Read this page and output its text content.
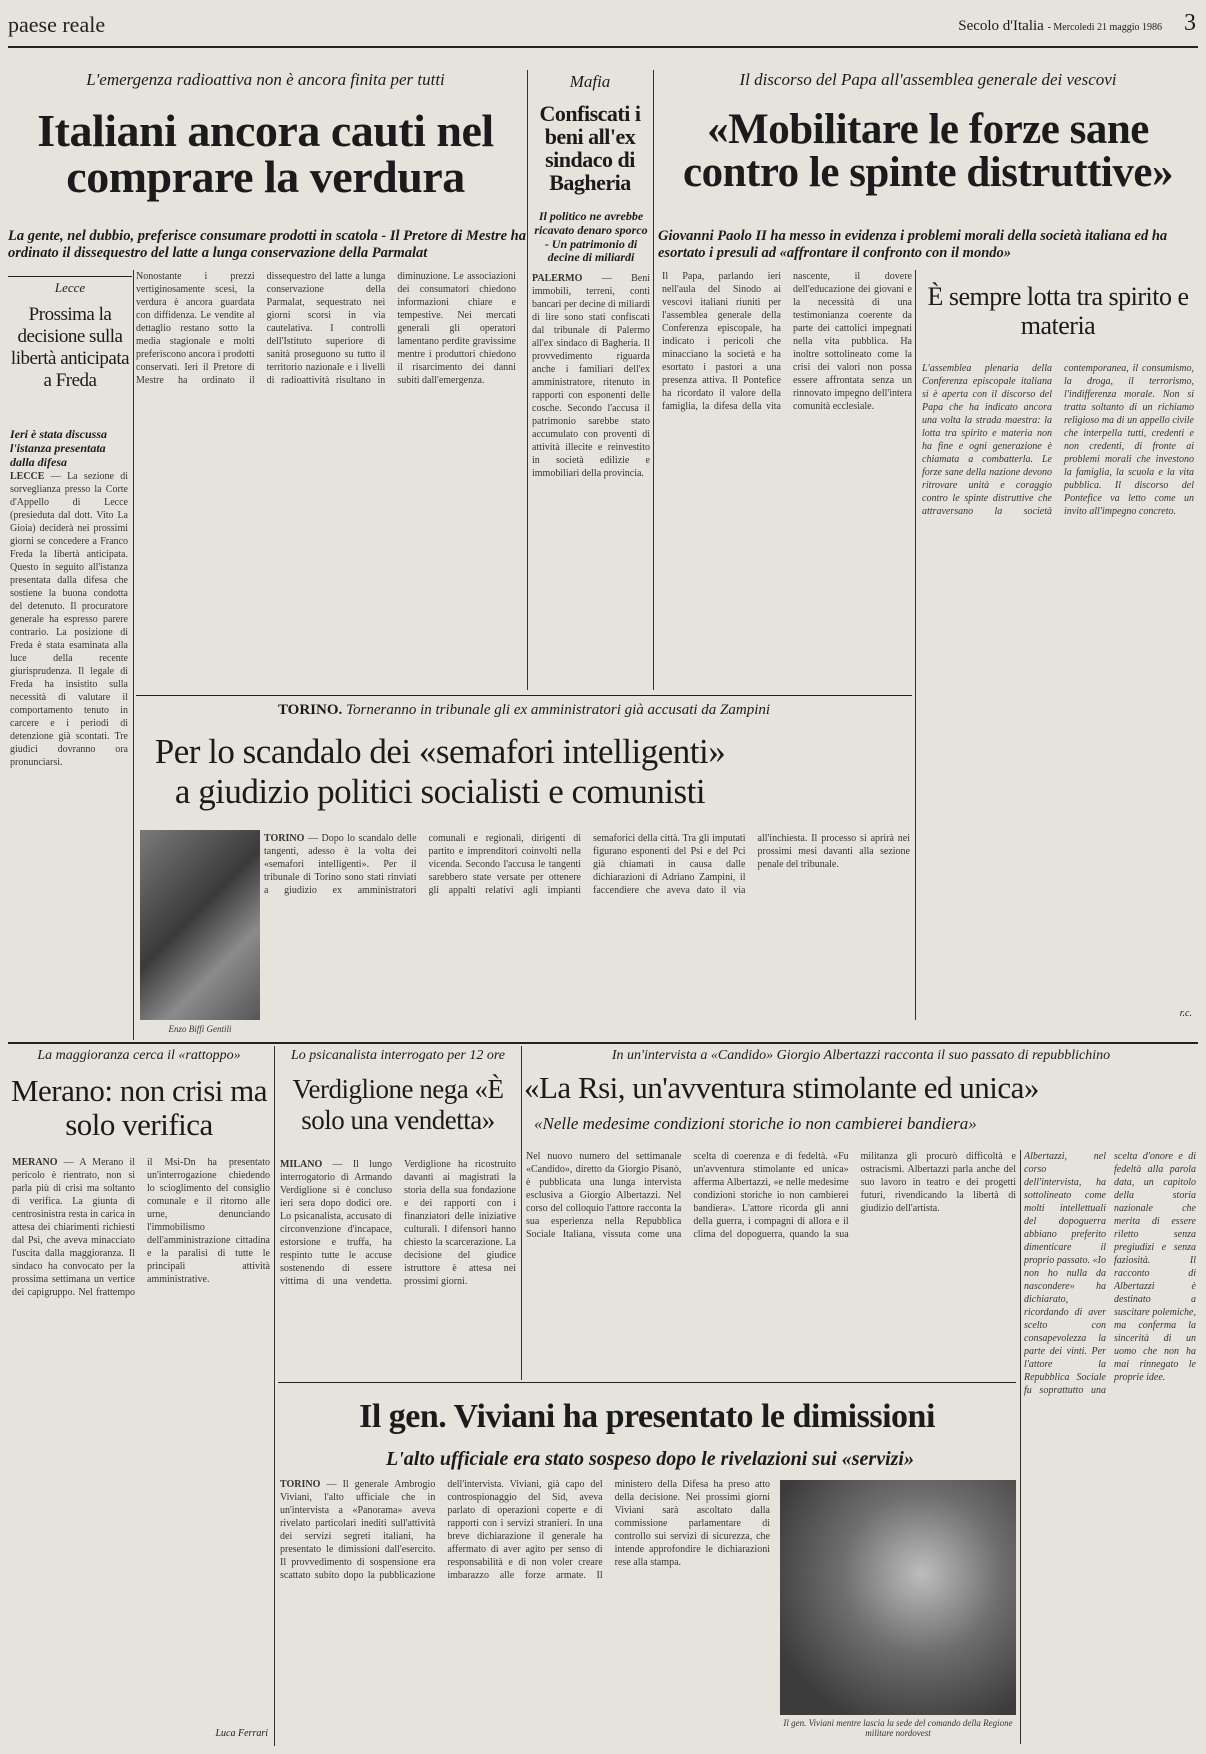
paese reale	Secolo d'Italia - Mercoledì 21 maggio 1986 3
L'emergenza radioattiva non è ancora finita per tutti
Italiani ancora cauti nel comprare la verdura
La gente, nel dubbio, preferisce consumare prodotti in scatola - Il Pretore di Mestre ha ordinato il dissequestro del latte a lunga conservazione della Parmalat
Nonostante i prezzi vertiginosamente scesi, la verdura è ancora guardata con diffidenza. Le vendite al dettaglio restano sotto la media stagionale e molti preferiscono ancora i prodotti conservati. Ieri il Pretore di Mestre ha ordinato il dissequestro del latte a lunga conservazione della Parmalat, sequestrato nei giorni scorsi in via cautelativa. I controlli dell'Istituto superiore di sanità proseguono su tutto il territorio nazionale e i livelli di radioattività risultano in diminuzione. Le associazioni dei consumatori chiedono informazioni chiare e tempestive. Nei mercati generali gli operatori lamentano perdite gravissime mentre i produttori chiedono il risarcimento dei danni subiti dall'emergenza.
Mafia
Confiscati i beni all'ex sindaco di Bagheria
Il politico ne avrebbe ricavato denaro sporco - Un patrimonio di decine di miliardi
PALERMO — Beni immobili, terreni, conti bancari per decine di miliardi di lire sono stati confiscati dal tribunale di Palermo all'ex sindaco di Bagheria. Il provvedimento riguarda anche i familiari dell'ex amministratore, ritenuto in rapporti con esponenti delle cosche. Secondo l'accusa il patrimonio sarebbe stato accumulato con proventi di attività illecite e reinvestito in società edilizie e immobiliari della provincia.
Il discorso del Papa all'assemblea generale dei vescovi
«Mobilitare le forze sane contro le spinte distruttive»
Giovanni Paolo II ha messo in evidenza i problemi morali della società italiana ed ha esortato i presuli ad «affrontare il confronto con il mondo»
Il Papa, parlando ieri nell'aula del Sinodo ai vescovi italiani riuniti per l'assemblea generale della Conferenza episcopale, ha indicato i pericoli che minacciano la società e ha esortato i pastori a una presenza attiva. Il Pontefice ha ricordato il valore della famiglia, la difesa della vita nascente, il dovere dell'educazione dei giovani e la necessità di una testimonianza coerente da parte dei cattolici impegnati nella vita pubblica. Ha inoltre sottolineato come la crisi dei valori non possa essere affrontata senza un rinnovato impegno dell'intera comunità ecclesiale.
È sempre lotta tra spirito e materia
L'assemblea plenaria della Conferenza episcopale italiana si è aperta con il discorso del Papa che ha indicato ancora una volta la strada maestra: la lotta tra spirito e materia non ha fine e ogni generazione è chiamata a combatterla. Le forze sane della nazione devono ritrovare unità e coraggio contro le spinte distruttive che attraversano la società contemporanea, il consumismo, la droga, il terrorismo, l'indifferenza morale. Non si tratta soltanto di un richiamo religioso ma di un appello civile che interpella tutti, credenti e non credenti, di fronte ai problemi morali che investono la famiglia, la scuola e la vita pubblica. Il discorso del Pontefice va letto come un invito all'impegno concreto.
r.c.
Lecce
Prossima la decisione sulla libertà anticipata a Freda
Ieri è stata discussa l'istanza presentata dalla difesa
LECCE — La sezione di sorveglianza presso la Corte d'Appello di Lecce (presieduta dal dott. Vito La Gioia) deciderà nei prossimi giorni se concedere a Franco Freda la libertà anticipata. Questo in seguito all'istanza presentata dalla difesa che sostiene la buona condotta del detenuto. Il procuratore generale ha espresso parere contrario. La posizione di Freda è stata esaminata alla luce della recente giurisprudenza. Il legale di Freda ha insistito sulla necessità di valutare il comportamento tenuto in carcere e i periodi di detenzione già scontati. Tre giudici dovranno ora pronunciarsi.
TORINO. Torneranno in tribunale gli ex amministratori già accusati da Zampini
Per lo scandalo dei «semafori intelligenti» a giudizio politici socialisti e comunisti
Enzo Biffi Gentili
TORINO — Dopo lo scandalo delle tangenti, adesso è la volta dei «semafori intelligenti». Per il tribunale di Torino sono stati rinviati a giudizio ex amministratori comunali e regionali, dirigenti di partito e imprenditori coinvolti nella vicenda. Secondo l'accusa le tangenti sarebbero state versate per ottenere gli appalti relativi agli impianti semaforici della città. Tra gli imputati figurano esponenti del Psi e del Pci già chiamati in causa dalle dichiarazioni di Adriano Zampini, il faccendiere che aveva dato il via all'inchiesta. Il processo si aprirà nei prossimi mesi davanti alla sezione penale del tribunale.
La maggioranza cerca il «rattoppo»
Merano: non crisi ma solo verifica
MERANO — A Merano il pericolo è rientrato, non si parla più di crisi ma soltanto di verifica. La giunta di centrosinistra resta in carica in attesa dei chiarimenti richiesti dal Psi, che aveva minacciato l'uscita dalla maggioranza. Il sindaco ha convocato per la prossima settimana un vertice dei capigruppo. Nel frattempo il Msi-Dn ha presentato un'interrogazione chiedendo lo scioglimento del consiglio comunale e il ritorno alle urne, denunciando l'immobilismo dell'amministrazione cittadina e la paralisi di tutte le principali attività amministrative.
Luca Ferrari
Lo psicanalista interrogato per 12 ore
Verdiglione nega «È solo una vendetta»
MILANO — Il lungo interrogatorio di Armando Verdiglione si è concluso ieri sera dopo dodici ore. Lo psicanalista, accusato di circonvenzione d'incapace, estorsione e truffa, ha respinto tutte le accuse sostenendo di essere vittima di una vendetta. Verdiglione ha ricostruito davanti ai magistrati la storia della sua fondazione e dei rapporti con i finanziatori delle iniziative culturali. I difensori hanno chiesto la scarcerazione. La decisione del giudice istruttore è attesa nei prossimi giorni.
In un'intervista a «Candido» Giorgio Albertazzi racconta il suo passato di repubblichino
«La Rsi, un'avventura stimolante ed unica»
«Nelle medesime condizioni storiche io non cambierei bandiera»
Nel nuovo numero del settimanale «Candido», diretto da Giorgio Pisanò, è pubblicata una lunga intervista esclusiva a Giorgio Albertazzi. Nel corso del colloquio l'attore racconta la sua esperienza nella Repubblica Sociale Italiana, vissuta come una scelta di coerenza e di fedeltà. «Fu un'avventura stimolante ed unica» afferma Albertazzi, «e nelle medesime condizioni storiche io non cambierei bandiera». L'attore ricorda gli anni della guerra, i compagni di allora e il clima del dopoguerra, quando la sua militanza gli procurò difficoltà e ostracismi. Albertazzi parla anche del suo lavoro in teatro e dei progetti futuri, rivendicando la libertà di giudizio dell'artista.
Albertazzi, nel corso dell'intervista, ha sottolineato come molti intellettuali del dopoguerra abbiano preferito dimenticare il proprio passato. «Io non ho nulla da nascondere» ha dichiarato, ricordando di aver scelto con consapevolezza la parte dei vinti. Per l'attore la Repubblica Sociale fu soprattutto una scelta d'onore e di fedeltà alla parola data, un capitolo della storia nazionale che merita di essere riletto senza pregiudizi e senza faziosità. Il racconto di Albertazzi è destinato a suscitare polemiche, ma conferma la sincerità di un uomo che non ha mai rinnegato le proprie idee.
Il gen. Viviani ha presentato le dimissioni
L'alto ufficiale era stato sospeso dopo le rivelazioni sui «servizi»
TORINO — Il generale Ambrogio Viviani, l'alto ufficiale che in un'intervista a «Panorama» aveva rivelato particolari inediti sull'attività dei servizi segreti italiani, ha presentato le dimissioni dall'esercito. Il provvedimento di sospensione era scattato subito dopo la pubblicazione dell'intervista. Viviani, già capo del controspionaggio del Sid, aveva parlato di operazioni coperte e di rapporti con i servizi stranieri. In una breve dichiarazione il generale ha affermato di aver agito per senso di responsabilità e di non voler creare imbarazzo alle forze armate. Il ministero della Difesa ha preso atto della decisione. Nei prossimi giorni Viviani sarà ascoltato dalla commissione parlamentare di controllo sui servizi di sicurezza, che intende approfondire le dichiarazioni rese alla stampa.
Il gen. Viviani mentre lascia la sede del comando della Regione militare nordovest
